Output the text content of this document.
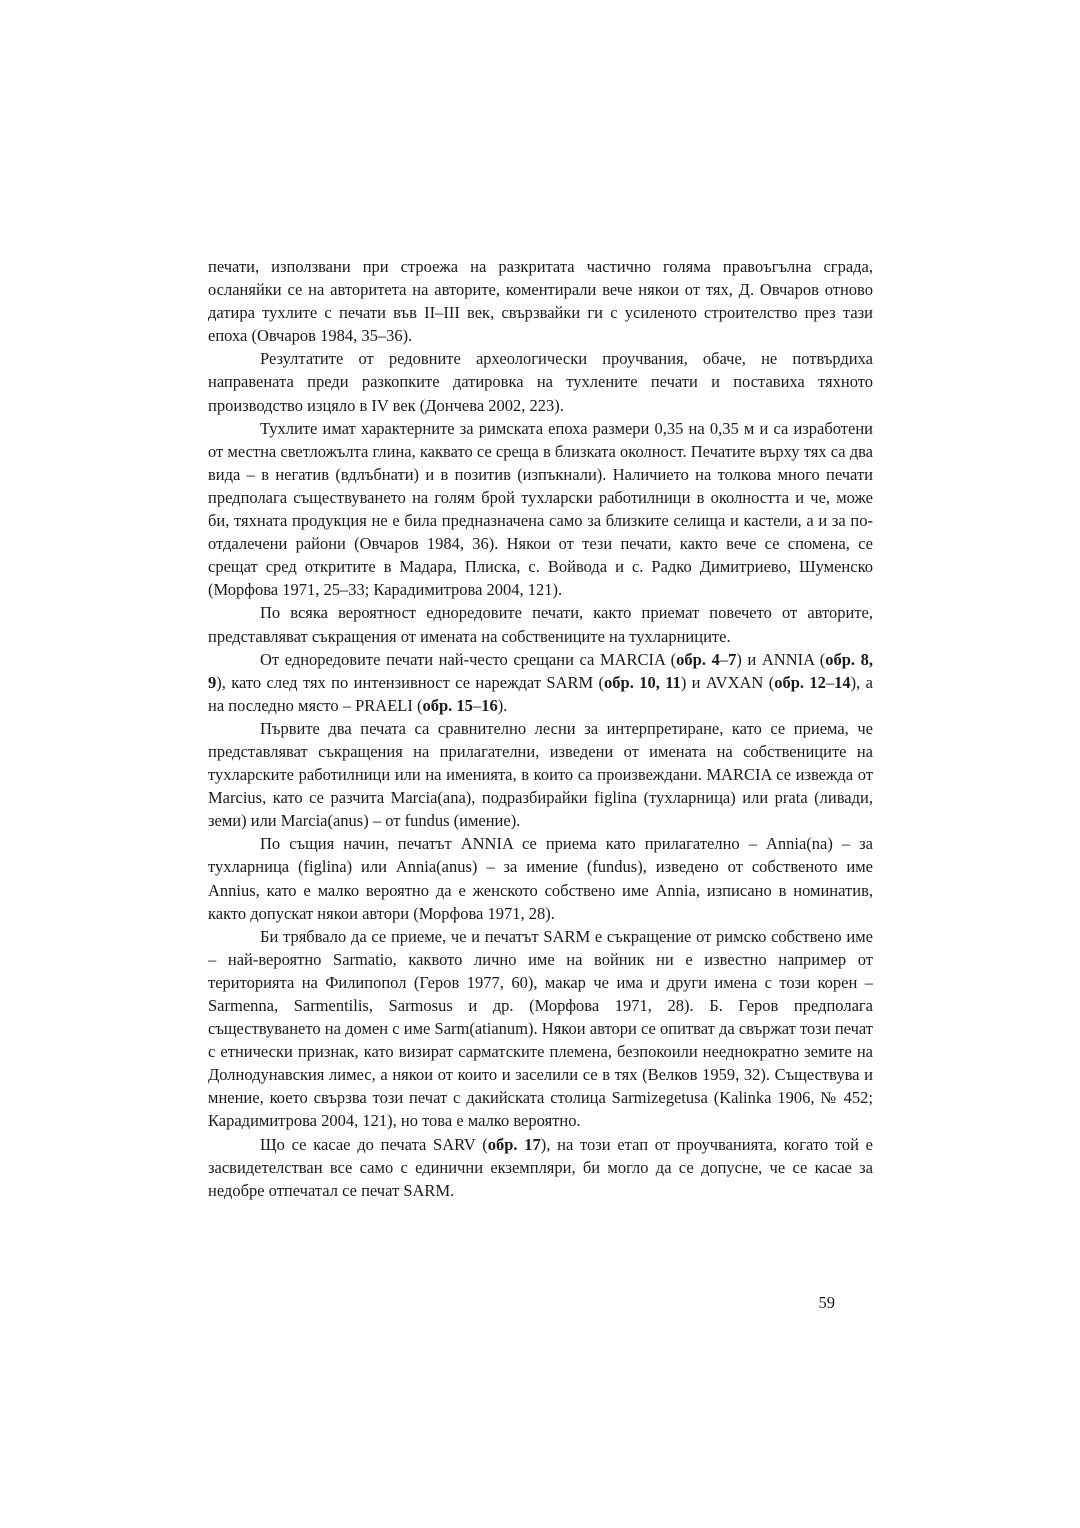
печати, използвани при строежа на разкритата частично голяма правоъгълна сграда, осланяйки се на авторитета на авторите, коментирали вече някои от тях, Д. Овчаров отново датира тухлите с печати във II–III век, свързвайки ги с усиленото строителство през тази епоха (Овчаров 1984, 35–36).

Резултатите от редовните археологически проучвания, обаче, не потвърдиха направената преди разкопките датировка на тухлените печати и поставиха тяхното производство изцяло в IV век (Дончева 2002, 223).

Тухлите имат характерните за римската епоха размери 0,35 на 0,35 м и са изработени от местна светложълта глина, каквато се среща в близката околност. Печатите върху тях са два вида – в негатив (вдлъбнати) и в позитив (изпъкнали). Наличието на толкова много печати предполага съществуването на голям брой тухларски работилници в околността и че, може би, тяхната продукция не е била предназначена само за близките селища и кастели, а и за по-отдалечени райони (Овчаров 1984, 36). Някои от тези печати, както вече се спомена, се срещат сред откритите в Мадара, Плиска, с. Войвода и с. Радко Димитриево, Шуменско (Морфова 1971, 25–33; Карадимитрова 2004, 121).

По всяка вероятност едноредовите печати, както приемат повечето от авторите, представляват съкращения от имената на собствениците на тухларниците.

От едноредовите печати най-често срещани са MARCIA (обр. 4–7) и ANNIA (обр. 8, 9), като след тях по интензивност се нареждат SARM (обр. 10, 11) и AVXAN (обр. 12–14), а на последно място – PRAELI (обр. 15–16).

Първите два печата са сравнително лесни за интерпретиране, като се приема, че представляват съкращения на прилагателни, изведени от имената на собствениците на тухларските работилници или на имениятa, в които са произвеждани. MARCIA се извежда от Marcius, като се разчита Marcia(ana), подразбирайки figlina (тухларница) или prata (ливади, земи) или Marcia(anus) – от fundus (имение).

По същия начин, печатът ANNIA се приема като прилагателно – Annia(na) – за тухларница (figlina) или Annia(anus) – за имение (fundus), изведено от собственото име Annius, като е малко вероятно да е женското собствено име Annia, изписано в номинатив, както допускат някои автори (Морфова 1971, 28).

Би трябвало да се приеме, че и печатът SARM е съкращение от римско собствено име – най-вероятно Sarmatio, каквото лично име на войник ни е известно например от територията на Филипопол (Геров 1977, 60), макар че има и други имена с този корен – Sarmenna, Sarmentilis, Sarmosus и др. (Морфова 1971, 28). Б. Геров предполага съществуването на домен с име Sarm(atianum). Някои автори се опитват да свържат този печат с етнически признак, като визират сарматските племена, безпокоили нееднократно земите на Долнодунавския лимес, а някои от които и заселили се в тях (Велков 1959, 32). Съществува и мнение, което свързва този печат с дакийската столица Sarmizegetusa (Kalinka 1906, № 452; Карадимитрова 2004, 121), но това е малко вероятно.

Що се касае до печата SARV (обр. 17), на този етап от проучванията, когато той е засвидетелстван все само с единични екземпляри, би могло да се допусне, че се касае за недобре отпечатал се печат SARM.

59
